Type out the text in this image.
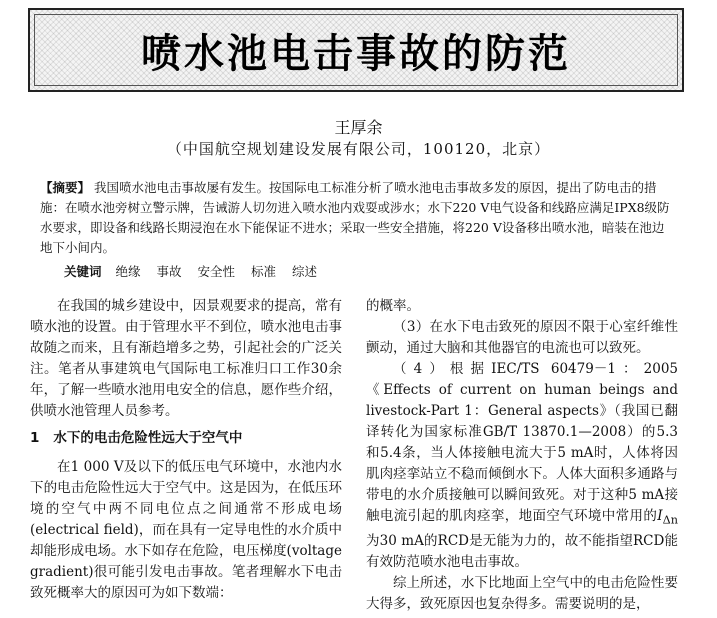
喷水池电击事故的防范
王厚余
（中国航空规划建设发展有限公司，100120，北京）
【摘要】 我国喷水池电击事故屡有发生。按国际电工标准分析了喷水池电击事故多发的原因，提出了防电击的措施：在喷水池旁树立警示牌，告诫游人切勿进入喷水池内戏耍或涉水；水下220 V电气设备和线路应满足IPX8级防水要求，即设备和线路长期浸泡在水下能保证不进水；采取一些安全措施，将220 V设备移出喷水池，暗装在池边地下小间内。
关键词 绝缘 事故 安全性 标准 综述

在我国的城乡建设中，因景观要求的提高，常有喷水池的设置。由于管理水平不到位，喷水池电击事故随之而来，且有渐趋增多之势，引起社会的广泛关注。笔者从事建筑电气国际电工标准归口工作30余年，了解一些喷水池用电安全的信息，愿作些介绍，供喷水池管理人员参考。

1 水下的电击危险性远大于空气中

在1 000 V及以下的低压电气环境中，水池内水下的电击危险性远大于空气中。这是因为，在低压环境的空气中两不同电位点之间通常不形成电场(electrical field)，而在具有一定导电性的水介质中却能形成电场。水下如存在危险，电压梯度(voltage gradient)很可能引发电击事故。笔者理解水下电击致死概率大的原因可为如下数端：

的概率。

（3）在水下电击致死的原因不限于心室纤维性颤动，通过大脑和其他器官的电流也可以致死。

（4）根据IEC/TS 60479－1：2005《Effects of current on human beings and livestock-Part 1：General aspects》（我国已翻译转化为国家标准GB/T 13870.1—2008）的5.3和5.4条，当人体接触电流大于5 mA时，人体将因肌肉痉挛站立不稳而倾倒水下。人体大面积多通路与带电的水介质接触可以瞬间致死。对于这种5 mA接触电流引起的肌肉痉挛，地面空气环境中常用的$I_{\Delta n}$为30 mA的RCD是无能为力的，故不能指望RCD能有效防范喷水池电击事故。

综上所述，水下比地面上空气中的电击危险性要大得多，致死原因也复杂得多。需要说明的是，
